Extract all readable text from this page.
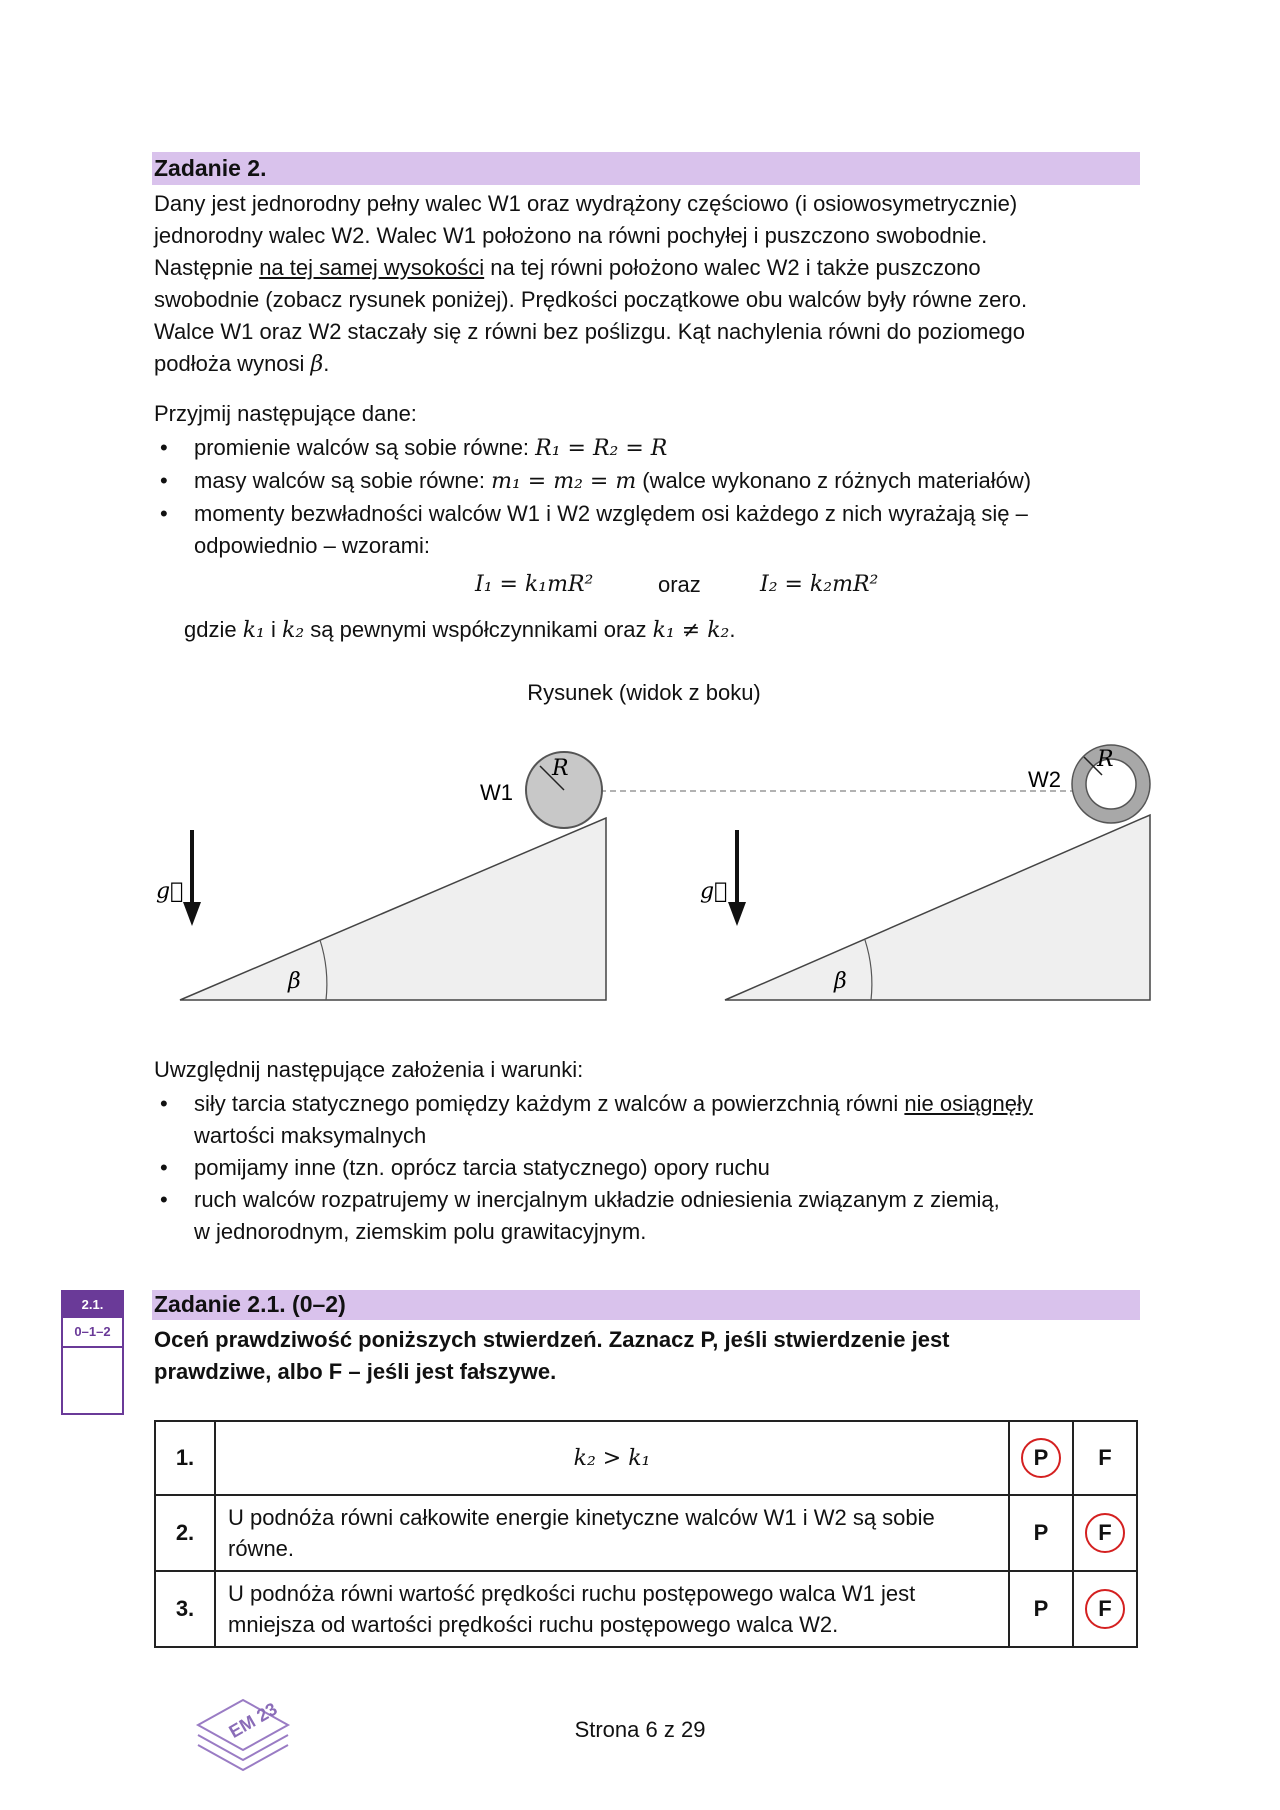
Zadanie 2.
Dany jest jednorodny pełny walec W1 oraz wydrążony częściowo (i osiowosymetrycznie)
jednorodny walec W2. Walec W1 położono na równi pochyłej i puszczono swobodnie.
Następnie na tej samej wysokości na tej równi położono walec W2 i także puszczono
swobodnie (zobacz rysunek poniżej). Prędkości początkowe obu walców były równe zero.
Walce W1 oraz W2 staczały się z równi bez poślizgu. Kąt nachylenia równi do poziomego
podłoża wynosi β.
Przyjmij następujące dane:
• promienie walców są sobie równe: R₁ = R₂ = R
• masy walców są sobie równe: m₁ = m₂ = m (walce wykonano z różnych materiałów)
• momenty bezwładności walców W1 i W2 względem osi każdego z nich wyrażają się –
odpowiednio – wzorami:
I₁ = k₁mR²	oraz	I₂ = k₂mR²
gdzie k₁ i k₂ są pewnymi współczynnikami oraz k₁ ≠ k₂.
Rysunek (widok z boku)
β
g⃗
R
W1
β
g⃗
R
W2
Uwzględnij następujące założenia i warunki:
• siły tarcia statycznego pomiędzy każdym z walców a powierzchnią równi nie osiągnęły
wartości maksymalnych
• pomijamy inne (tzn. oprócz tarcia statycznego) opory ruchu
• ruch walców rozpatrujemy w inercjalnym układzie odniesienia związanym z ziemią,
w jednorodnym, ziemskim polu grawitacyjnym.
2.1.
0–1–2
Zadanie 2.1. (0–2)
Oceń prawdziwość poniższych stwierdzeń. Zaznacz P, jeśli stwierdzenie jest
prawdziwe, albo F – jeśli jest fałszywe.
1.	k₂ > k₁	P	F
2.	U podnóża równi całkowite energie kinetyczne walców W1 i W2 są sobie równe.	P	F
3.	U podnóża równi wartość prędkości ruchu postępowego walca W1 jest mniejsza od wartości prędkości ruchu postępowego walca W2.	P	F
EM 23	Strona 6 z 29
